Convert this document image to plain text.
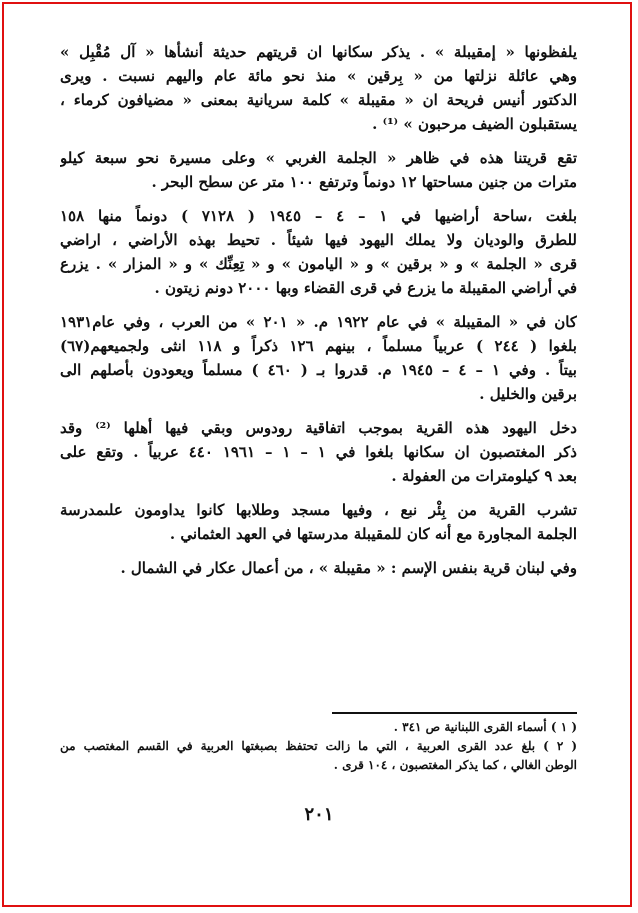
يلفظونها « إمقيبلة » . يذكر سكانها ان قريتهم حديثة أنشأها « آل مُقْبِل »
وهي عائلة نزلتها من « بِرقين » منذ نحو مائة عام واليهم نسبت . ويرى
الدكتور أنيس فريحة ان « مقيبلة » كلمة سريانية بمعنى « مضيافون كرماء ،
يستقبلون الضيف مرحبون » ⁽¹⁾ .
تقع قريتنا هذه في ظاهر « الجلمة الغربي » وعلى مسيرة نحو سبعة كيلو
مترات من جنين مساحتها ١٢ دونماً وترتفع ١٠٠ متر عن سطح البحر .
بلغت ،ساحة أراضيها في ١ – ٤ – ١٩٤٥ ( ٧١٢٨ ) دونماً منها ١٥٨
للطرق والوديان ولا يملك اليهود فيها شيئاً . تحيط بهذه الأراضي ، اراضي
قرى « الجلمة » و « برقين » و « اليامون » و « تِعِنِّك » و « المزار » . يزرع
في أراضي المقيبلة ما يزرع في قرى القضاء وبها ٢٠٠٠ دونم زيتون .
كان في « المقيبلة » في عام ١٩٢٢ م. « ٢٠١ » من العرب ، وفي عام١٩٣١
بلغوا ( ٢٤٤ ) عربياً مسلماً ، بينهم ١٢٦ ذكراً و ١١٨ انثى ولجميعهم(٦٧)
بيتاً . وفي ١ – ٤ – ١٩٤٥ م. قدروا بـ ( ٤٦٠ ) مسلماً ويعودون بأصلهم الى
برقين والخليل .
دخل اليهود هذه القرية بموجب اتفاقية رودوس وبقي فيها أهلها ⁽²⁾ وقد
ذكر المغتصبون ان سكانها بلغوا في ١ – ١ – ١٩٦١ ٤٤٠ عربياً . وتقع على
بعد ٩ كيلومترات من العفولة .
تشرب القرية من بِئْر نبع ، وفيها مسجد وطلابها كانوا يداومون علىمدرسة
الجلمة المجاورة مع أنه كان للمقيبلة مدرستها في العهد العثماني .
وفي لبنان قرية بنفس الإسم : « مقيبلة » ، من أعمال عكار في الشمال .
( ١ ) أسماء القرى اللبنانية ص ٣٤١ .
( ٢ ) بلغ عدد القرى العربية ، التي ما زالت تحتفظ بصبغتها العربية في القسم المغتصب من
الوطن الغالي ، كما يذكر المغتصبون ، ١٠٤ قرى .
٢٠١
